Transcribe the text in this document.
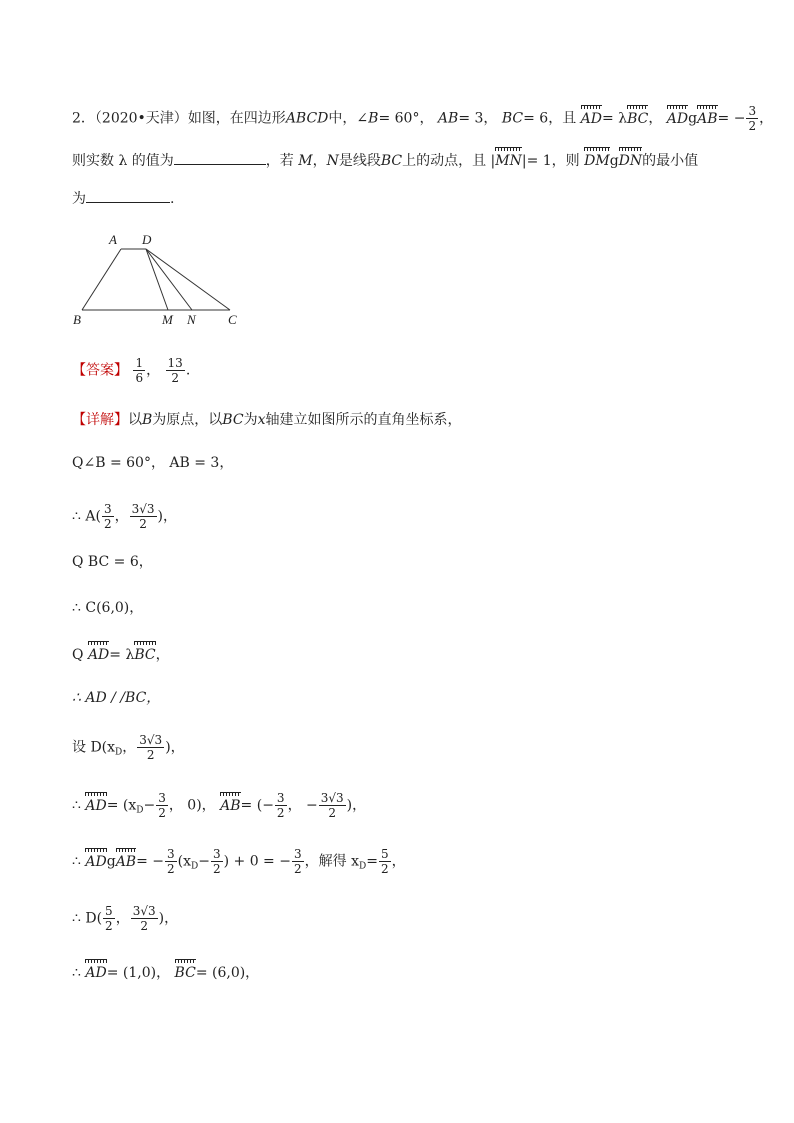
2．（2020•天津）如图，在四边形ABCD中，∠B= 60°， AB= 3， BC= 6，且 AD= λBC， ADgAB= − $\frac{3}{2}$ ，
则实数 λ 的值为	，若 M，N是线段BC上的动点，且 |MN|= 1，则 DMgDN的最小值
为	.
A D
B	M N C
【答案】 $\frac{1}{6}$ ， $\frac{13}{2}$ .
【详解】以B为原点，以BC为x轴建立如图所示的直角坐标系，
Q∠B = 60°， AB = 3，
∴ $A( \frac{3}{2}$ ， $\frac{3√3}{2}$ )，
Q BC = 6，
∴ C(6,0)，
Q AD= λBC，
∴ AD / /BC，
设 $D(x_D$， $\frac{3√3}{2}$ )，
∴ $AD= (x_D- \frac{3}{2}$ ， 0)， AB= (− $\frac{3}{2}$ ， − $\frac{3√3}{2}$ )，
∴ ADgAB= − $\frac{3}{2} (x_D- \frac{3}{2}$ ) + 0 = − $\frac{3}{2}$ ，解得 $x_D= \frac{5}{2}$ ，
∴ $D( \frac{5}{2}$ ， $\frac{3√3}{2}$ )，
∴ AD= (1,0)， BC= (6,0)，
